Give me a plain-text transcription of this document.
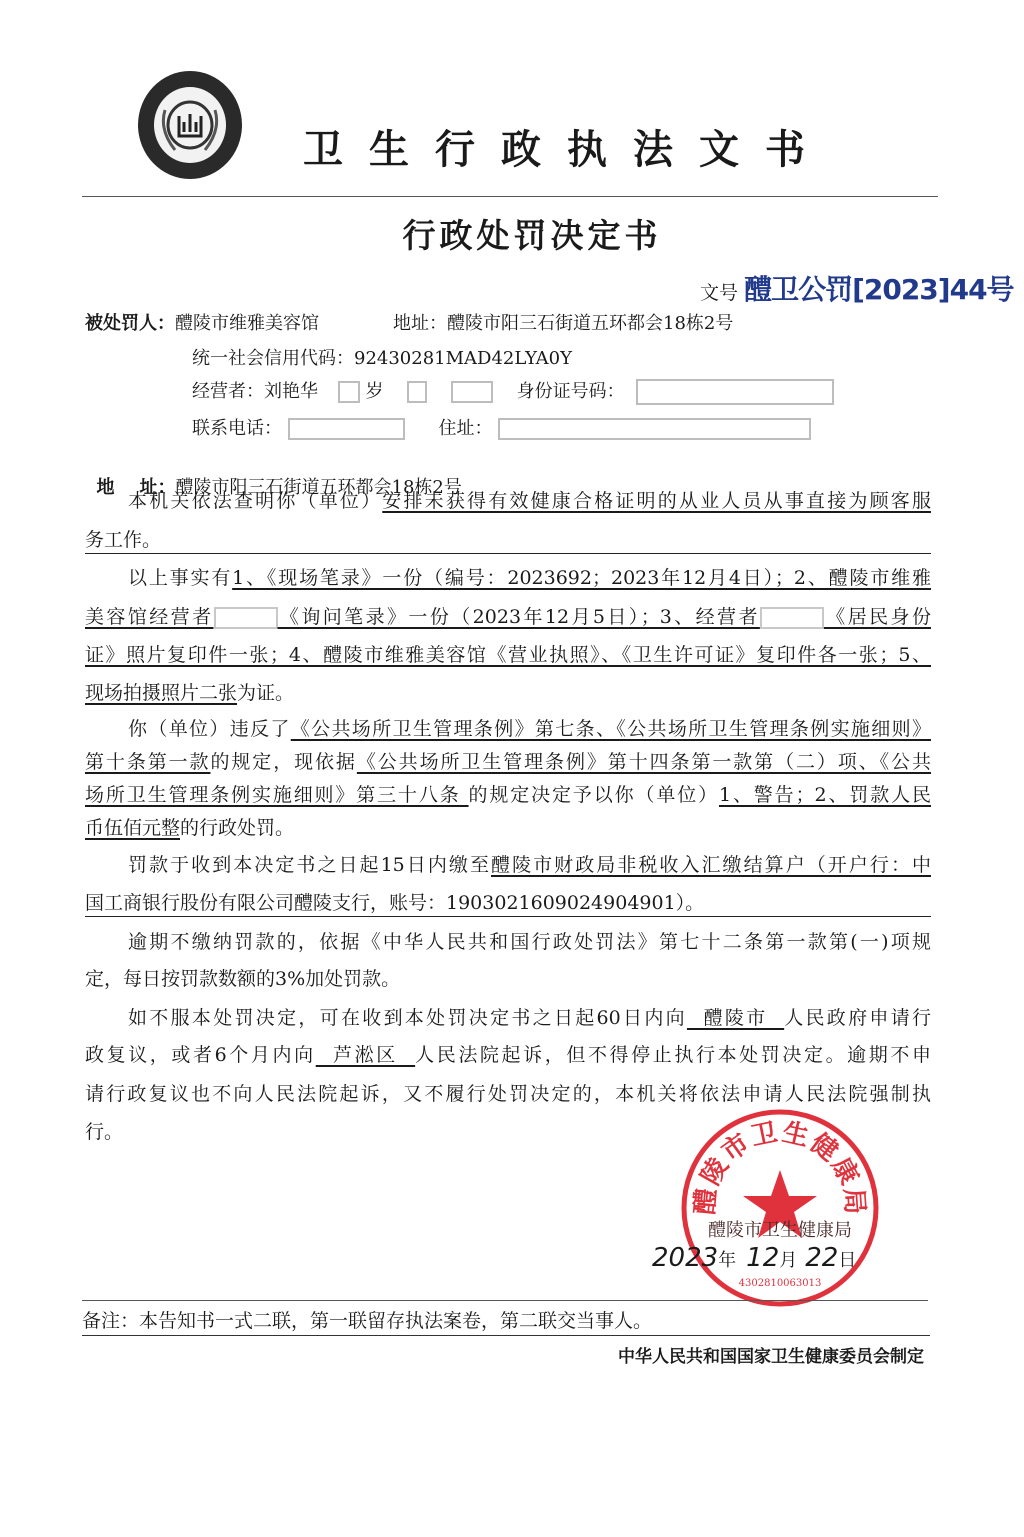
卫生行政执法文书
行政处罚决定书
文号 醴卫公罚[2023]44号
被处罚人：醴陵市维雅美容馆	地址：醴陵市阳三石街道五环都会18栋2号
统一社会信用代码：92430281MAD42LYA0Y
经营者：刘艳华	岁	身份证号码：
联系电话：	住址：

地    址：醴陵市阳三石街道五环都会18栋2号

本机关依法查明你（单位）安排未获得有效健康合格证明的从业人员从事直接为顾客服
务工作。
以上事实有1、《现场笔录》一份（编号：2023692；2023年12月4日）；2、醴陵市维雅
美容馆经营者	《询问笔录》一份（2023年12月5日）；3、经营者	《居民身份
证》照片复印件一张；4、醴陵市维雅美容馆《营业执照》、《卫生许可证》复印件各一张；5、
现场拍摄照片二张为证。
你（单位）违反了《公共场所卫生管理条例》第七条、《公共场所卫生管理条例实施细则》
第十条第一款的规定，现依据《公共场所卫生管理条例》第十四条第一款第（二）项、《公共
场所卫生管理条例实施细则》第三十八条 的规定决定予以你（单位）1、警告；2、罚款人民
币伍佰元整的行政处罚。
罚款于收到本决定书之日起15日内缴至醴陵市财政局非税收入汇缴结算户（开户行：中
国工商银行股份有限公司醴陵支行，账号：1903021609024904901）。
逾期不缴纳罚款的，依据《中华人民共和国行政处罚法》第七十二条第一款第(一)项规
定，每日按罚款数额的3%加处罚款。
如不服本处罚决定，可在收到本处罚决定书之日起60日内向  醴陵市  人民政府申请行
政复议，或者6个月内向  芦淞区  人民法院起诉，但不得停止执行本处罚决定。逾期不申
请行政复议也不向人民法院起诉，又不履行处罚决定的，本机关将依法申请人民法院强制执
行。
醴陵市卫生健康局
醴陵市卫生健康局
4302810063013
2023年 12月 22日
备注：本告知书一式二联，第一联留存执法案卷，第二联交当事人。
中华人民共和国国家卫生健康委员会制定
